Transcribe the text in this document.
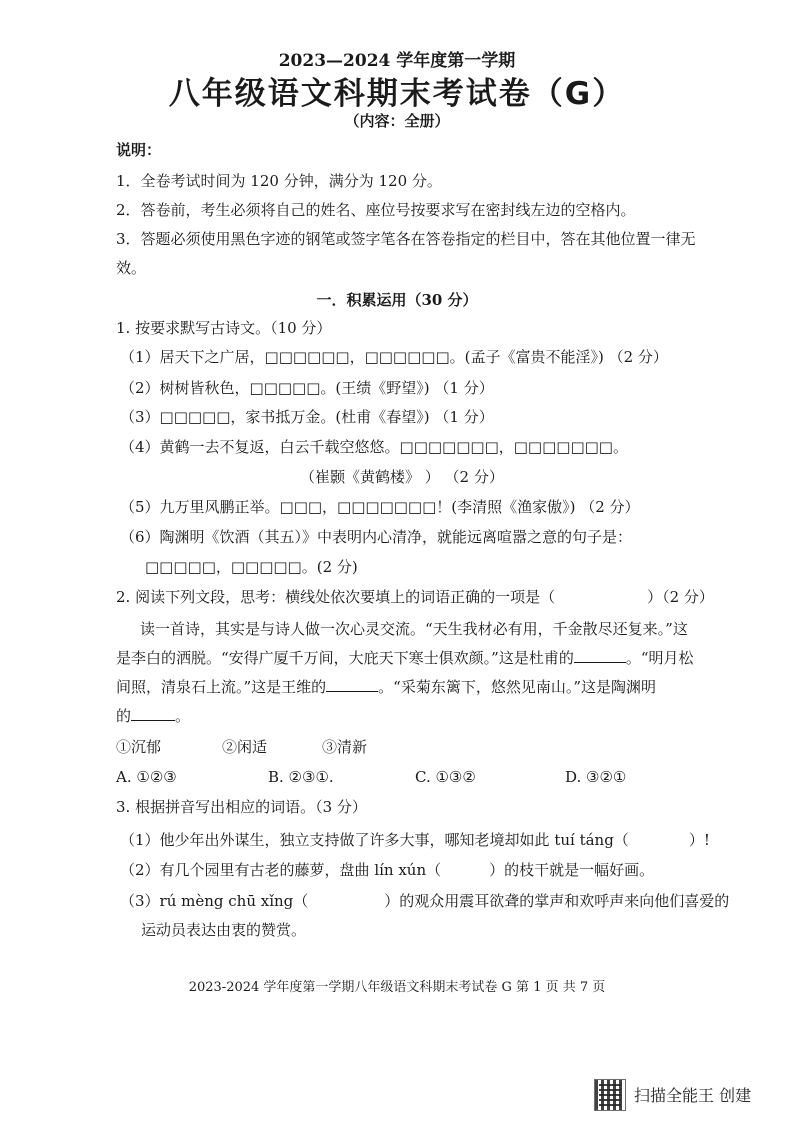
2023—2024 学年度第一学期
八年级语文科期末考试卷（G）
（内容：全册）
说明：
1．全卷考试时间为 120 分钟，满分为 120 分。
2．答卷前，考生必须将自己的姓名、座位号按要求写在密封线左边的空格内。
3．答题必须使用黑色字迹的钢笔或签字笔各在答卷指定的栏目中，答在其他位置一律无
效。
一．积累运用（30 分）
1. 按要求默写古诗文。（10 分）
（1）居天下之广居，□□□□□□，□□□□□□。(孟子《富贵不能淫》) （2 分）
（2）树树皆秋色，□□□□□。(王绩《野望》) （1 分）
（3）□□□□□，家书抵万金。(杜甫《春望》) （1 分）
（4）黄鹤一去不复返，白云千载空悠悠。□□□□□□□，□□□□□□□。
（崔颢《黄鹤楼》 ） （2 分）
（5）九万里风鹏正举。□□□，□□□□□□□！(李清照《渔家傲》) （2 分）
（6）陶渊明《饮酒（其五）》中表明内心清净，就能远离喧嚣之意的句子是：
□□□□□，□□□□□。(2 分)
2. 阅读下列文段，思考：横线处依次要填上的词语正确的一项是（	）（2 分）
读一首诗，其实是与诗人做一次心灵交流。“天生我材必有用，千金散尽还复来。”这
是李白的洒脱。“安得广厦千万间，大庇天下寒士俱欢颜。”这是杜甫的	。“明月松
间照，清泉石上流。”这是王维的	。“采菊东篱下，悠然见南山。”这是陶渊明
的	。
①沉郁	②闲适	③清新
A. ①②③	B. ②③①.	C. ①③②	D. ③②①
3. 根据拼音写出相应的词语。（3 分）
（1）他少年出外谋生，独立支持做了许多大事，哪知老境却如此 tuí táng（	）!
（2）有几个园里有古老的藤萝，盘曲 lín xún（	）的枝干就是一幅好画。
（3）rú mèng chū xǐng（	）的观众用震耳欲聋的掌声和欢呼声来向他们喜爱的
运动员表达由衷的赞赏。
2023-2024 学年度第一学期八年级语文科期末考试卷 G 第 1 页 共 7 页
扫描全能王 创建
